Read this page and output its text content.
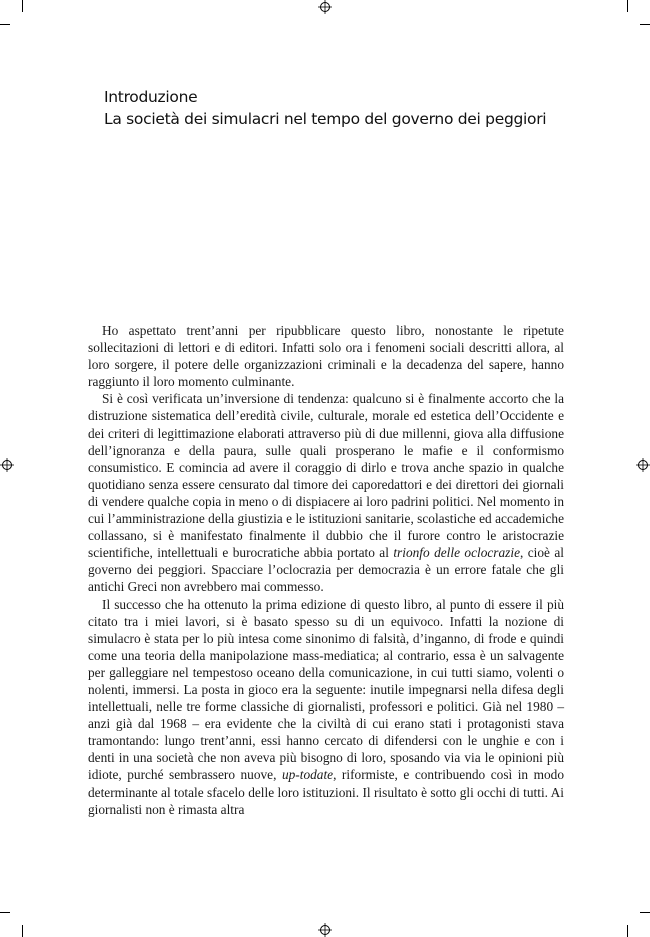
Introduzione
La società dei simulacri nel tempo del governo dei peggiori

Ho aspettato trent’anni per ripubblicare questo libro, nonostante le ripetute sollecitazioni di lettori e di editori. Infatti solo ora i fenomeni sociali descritti allora, al loro sorgere, il potere delle organizzazioni criminali e la decadenza del sapere, hanno raggiunto il loro momento culminante.

Si è così verificata un’inversione di tendenza: qualcuno si è finalmente accorto che la distruzione sistematica dell’eredità civile, culturale, morale ed estetica dell’Occidente e dei criteri di legittimazione elaborati attraverso più di due millenni, giova alla diffusione dell’ignoranza e della paura, sulle quali prosperano le mafie e il conformismo consumistico. E comincia ad avere il coraggio di dirlo e trova anche spazio in qualche quotidiano senza essere censurato dal timore dei caporedattori e dei direttori dei giornali di vendere qualche copia in meno o di dispiacere ai loro padrini politici. Nel momento in cui l’amministrazione della giustizia e le istituzioni sanitarie, scolastiche ed accademiche collassano, si è manifestato finalmente il dubbio che il furore contro le aristocrazie scientifiche, intellettuali e burocratiche abbia portato al trionfo delle oclocrazie, cioè al governo dei peggiori. Spacciare l’oclocrazia per democrazia è un errore fatale che gli antichi Greci non avrebbero mai commesso.

Il successo che ha ottenuto la prima edizione di questo libro, al punto di essere il più citato tra i miei lavori, si è basato spesso su di un equivoco. Infatti la nozione di simulacro è stata per lo più intesa come sinonimo di falsità, d’inganno, di frode e quindi come una teoria della manipolazione mass-mediatica; al contrario, essa è un salvagente per galleggiare nel tempestoso oceano della comunicazione, in cui tutti siamo, volenti o nolenti, immersi. La posta in gioco era la seguente: inutile impegnarsi nella difesa degli intellettuali, nelle tre forme classiche di giornalisti, professori e politici. Già nel 1980 – anzi già dal 1968 – era evidente che la civiltà di cui erano stati i protagonisti stava tramontando: lungo trent’anni, essi hanno cercato di difendersi con le unghie e con i denti in una società che non aveva più bisogno di loro, sposando via via le opinioni più idiote, purché sembrassero nuove, up-todate, riformiste, e contribuendo così in modo determinante al totale sfacelo delle loro istituzioni. Il risultato è sotto gli occhi di tutti. Ai giornalisti non è rimasta altra
